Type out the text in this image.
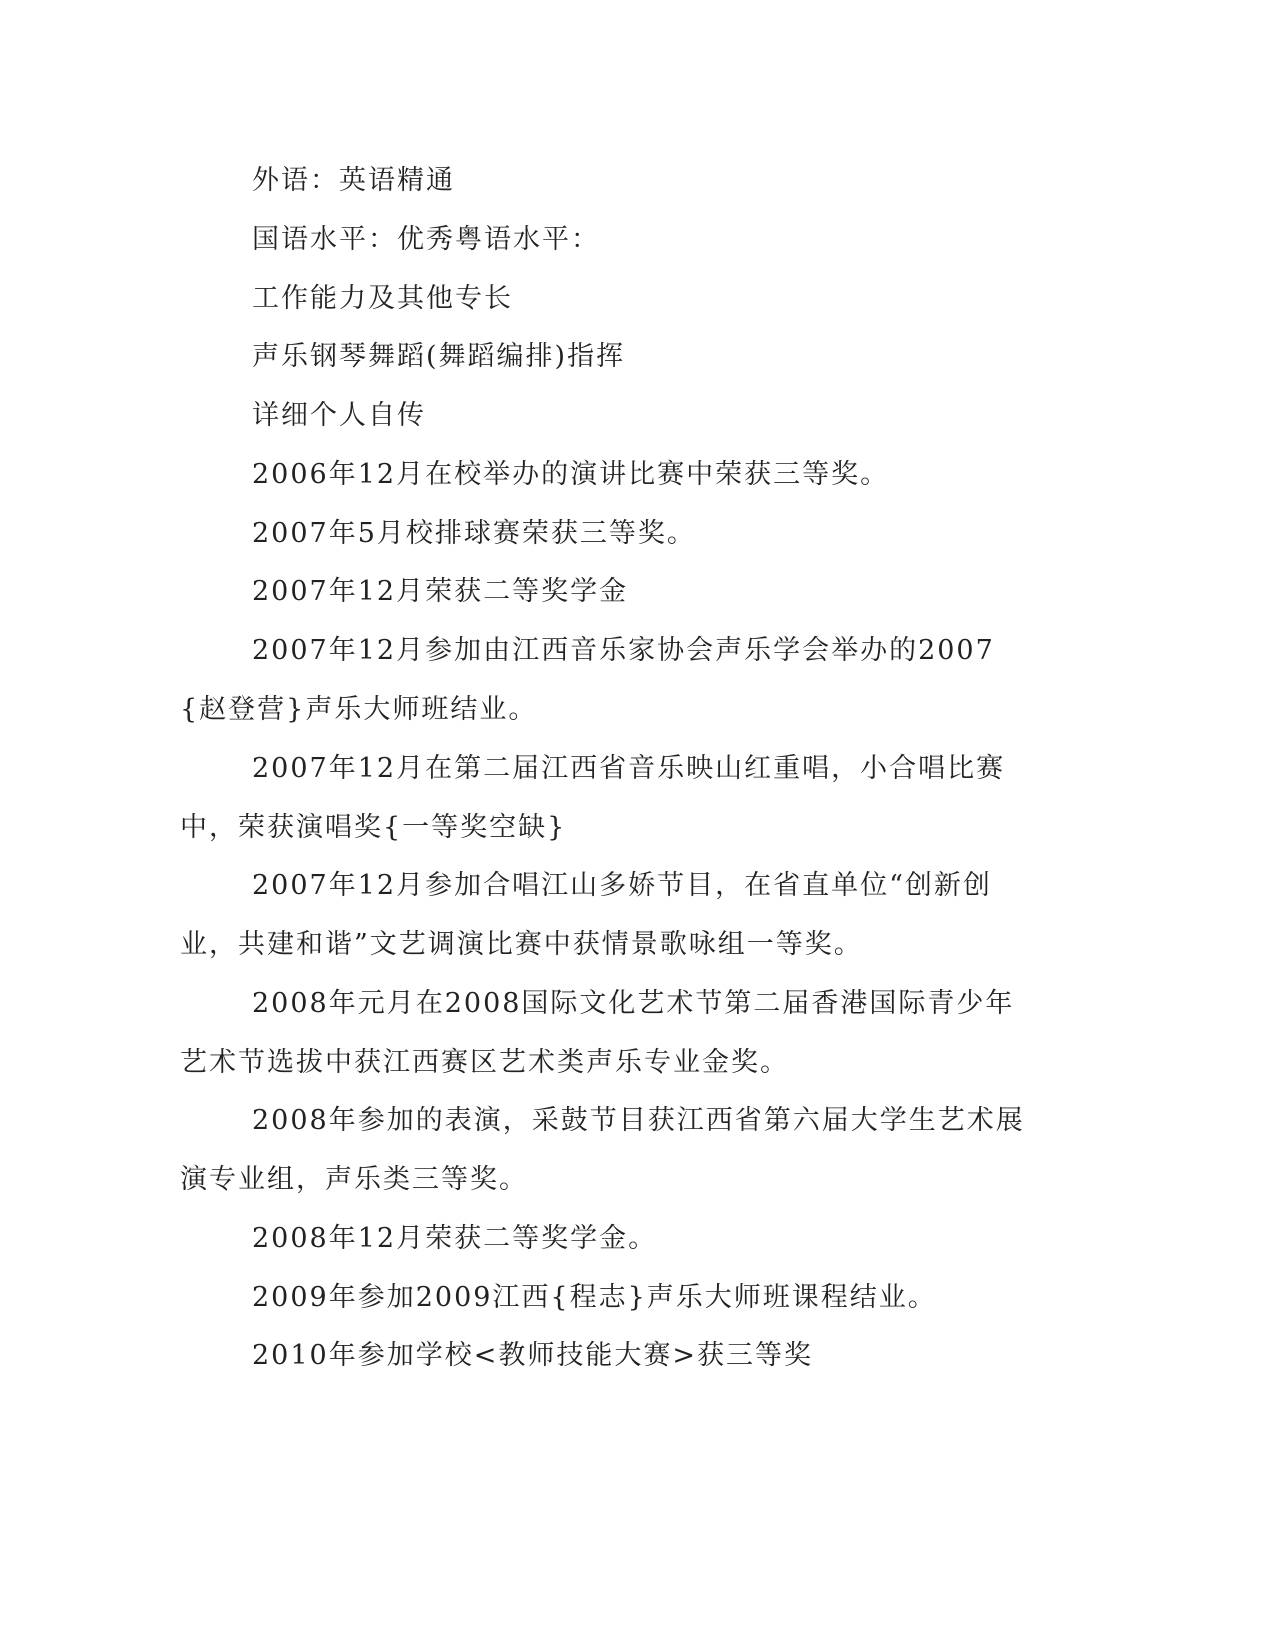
外语：英语精通

国语水平：优秀粤语水平：

工作能力及其他专长

声乐钢琴舞蹈(舞蹈编排)指挥

详细个人自传

2006年12月在校举办的演讲比赛中荣获三等奖。

2007年5月校排球赛荣获三等奖。

2007年12月荣获二等奖学金

2007年12月参加由江西音乐家协会声乐学会举办的2007{赵登营}声乐大师班结业。

2007年12月在第二届江西省音乐映山红重唱，小合唱比赛中，荣获演唱奖{一等奖空缺}

2007年12月参加合唱江山多娇节目，在省直单位“创新创业，共建和谐”文艺调演比赛中获情景歌咏组一等奖。

2008年元月在2008国际文化艺术节第二届香港国际青少年艺术节选拔中获江西赛区艺术类声乐专业金奖。

2008年参加的表演，采鼓节目获江西省第六届大学生艺术展演专业组，声乐类三等奖。

2008年12月荣获二等奖学金。

2009年参加2009江西{程志}声乐大师班课程结业。

2010年参加学校<教师技能大赛>获三等奖
